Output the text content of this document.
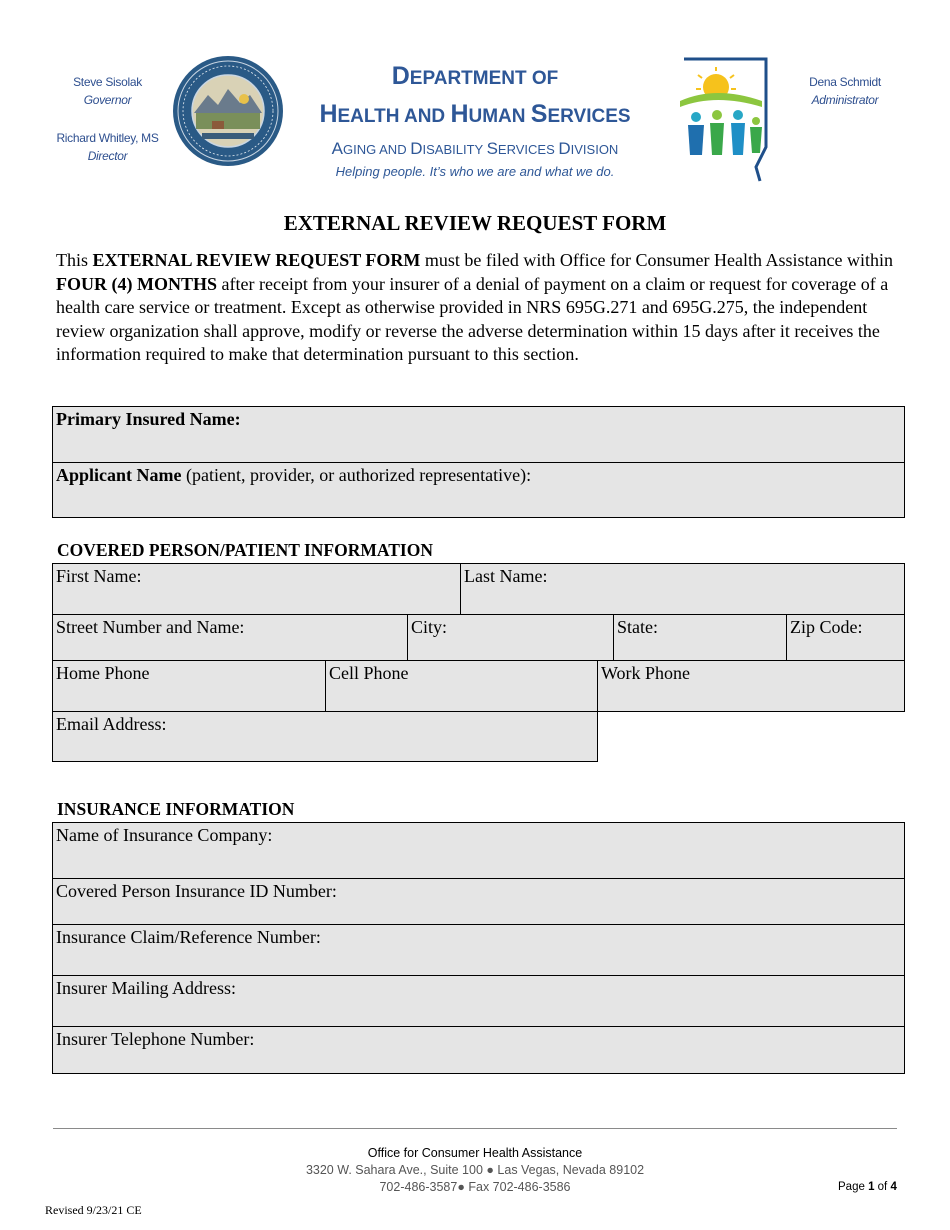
Steve Sisolak
Governor
Richard Whitley, MS
Director
DEPARTMENT OF
HEALTH AND HUMAN SERVICES
AGING AND DISABILITY SERVICES DIVISION
Helping people. It’s who we are and what we do.
Dena Schmidt
Administrator
EXTERNAL REVIEW REQUEST FORM
This EXTERNAL REVIEW REQUEST FORM must be filed with Office for Consumer Health Assistance within FOUR (4) MONTHS after receipt from your insurer of a denial of payment on a claim or request for coverage of a health care service or treatment. Except as otherwise provided in NRS 695G.271 and 695G.275, the independent review organization shall approve, modify or reverse the adverse determination within 15 days after it receives the information required to make that determination pursuant to this section.
Primary Insured Name:
Applicant Name (patient, provider, or authorized representative):
COVERED PERSON/PATIENT INFORMATION
First Name:	Last Name:
Street Number and Name:	City:	State:	Zip Code:
Home Phone	Cell Phone	Work Phone
Email Address:
INSURANCE INFORMATION
Name of Insurance Company:
Covered Person Insurance ID Number:
Insurance Claim/Reference Number:
Insurer Mailing Address:
Insurer Telephone Number:
Office for Consumer Health Assistance
3320 W. Sahara Ave., Suite 100 ● Las Vegas, Nevada 89102
702-486-3587● Fax 702-486-3586	Page 1 of 4
Revised 9/23/21 CE
